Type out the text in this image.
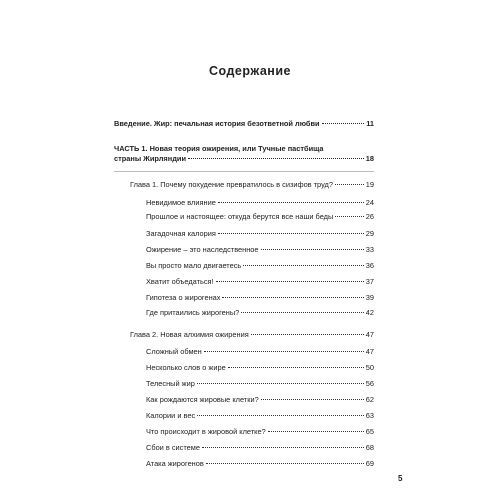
Содержание
Введение. Жир: печальная история безответной любви	11
ЧАСТЬ 1. Новая теория ожирения, или Тучные пастбища
страны Жирляндии	18
Глава 1. Почему похудение превратилось в сизифов труд?	19
Невидимое влияние	24
Прошлое и настоящее: откуда берутся все наши беды	26
Загадочная калория	29
Ожирение – это наследственное	33
Вы просто мало двигаетесь	36
Хватит объедаться!	37
Гипотеза о жирогенах	39
Где притаились жирогены?	42
Глава 2. Новая алхимия ожирения	47
Сложный обмен	47
Несколько слов о жире	50
Телесный жир	56
Как рождаются жировые клетки?	62
Калории и вес	63
Что происходит в жировой клетке?	65
Сбои в системе	68
Атака жирогенов	69
5
